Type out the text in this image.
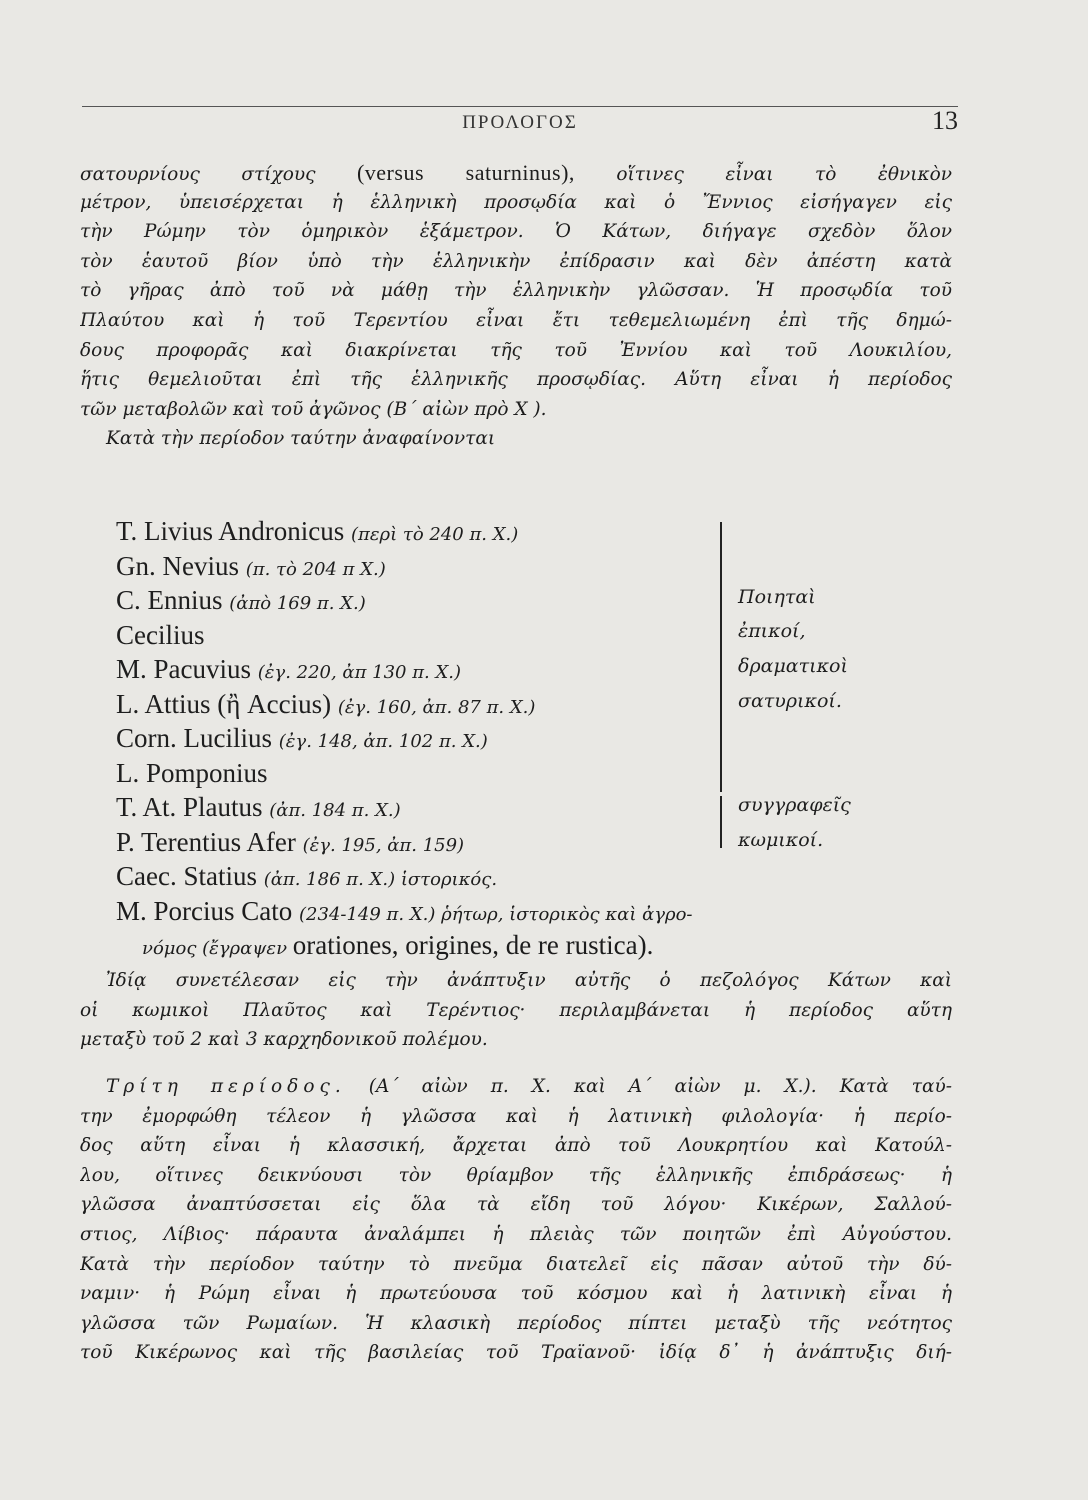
ΠΡΟΛΟΓΟΣ	13
σατουρνίους στίχους (versus saturninus), οἵτινες εἶναι τὸ ἐθνικὸν
μέτρον, ὑπεισέρχεται ἡ ἑλληνικὴ προσῳδία καὶ ὁ Ἔννιος εἰσήγαγεν εἰς
τὴν Ρώμην τὸν ὁμηρικὸν ἑξάμετρον. Ὁ Κάτων, διήγαγε σχεδὸν ὅλον
τὸν ἑαυτοῦ βίον ὑπὸ τὴν ἑλληνικὴν ἐπίδρασιν καὶ δὲν ἀπέστη κατὰ
τὸ γῆρας ἀπὸ τοῦ νὰ μάθῃ τὴν ἑλληνικὴν γλῶσσαν. Ἡ προσῳδία τοῦ
Πλαύτου καὶ ἡ τοῦ Τερεντίου εἶναι ἔτι τεθεμελιωμένη ἐπὶ τῆς δημώ-
δους προφορᾶς καὶ διακρίνεται τῆς τοῦ Ἐννίου καὶ τοῦ Λουκιλίου,
ἥτις θεμελιοῦται ἐπὶ τῆς ἑλληνικῆς προσῳδίας. Αὕτη εἶναι ἡ περίοδος
τῶν μεταβολῶν καὶ τοῦ ἀγῶνος (Β΄ αἰὼν πρὸ Χ ).
Κατὰ τὴν περίοδον ταύτην ἀναφαίνονται
T. Livius Andronicus (περὶ τὸ 240 π. Χ.)
Gn. Nevius (π. τὸ 204 π Χ.)
C. Ennius (ἀπὸ 169 π. Χ.)
Cecilius
M. Pacuvius (ἐγ. 220, ἀπ 130 π. Χ.)
L. Attius (ἢ Accius) (ἐγ. 160, ἀπ. 87 π. Χ.)
Corn. Lucilius (ἐγ. 148, ἀπ. 102 π. Χ.)
L. Pomponius
T. At. Plautus (ἀπ. 184 π. Χ.)
P. Terentius Afer (ἐγ. 195, ἀπ. 159)
Caec. Statius (ἀπ. 186 π. Χ.) ἱστορικός.
Ποιηταὶ
ἐπικοί,
δραματικοὶ
σατυρικοί.
συγγραφεῖς
κωμικοί.
M. Porcius Cato (234-149 π. Χ.) ῥήτωρ, ἱστορικὸς καὶ ἀγρο-
νόμος (ἔγραψεν orationes, origines, de re rustica).
Ἰδίᾳ συνετέλεσαν εἰς τὴν ἀνάπτυξιν αὐτῆς ὁ πεζολόγος Κάτων καὶ
οἱ κωμικοὶ Πλαῦτος καὶ Τερέντιος· περιλαμβάνεται ἡ περίοδος αὕτη
μεταξὺ τοῦ 2 καὶ 3 καρχηδονικοῦ πολέμου.
Τρίτη περίοδος. (Α΄ αἰὼν π. Χ. καὶ Α΄ αἰὼν μ. Χ.). Κατὰ ταύ-
την ἐμορφώθη τέλεον ἡ γλῶσσα καὶ ἡ λατινικὴ φιλολογία· ἡ περίο-
δος αὕτη εἶναι ἡ κλασσική, ἄρχεται ἀπὸ τοῦ Λουκρητίου καὶ Κατούλ-
λου, οἵτινες δεικνύουσι τὸν θρίαμβον τῆς ἑλληνικῆς ἐπιδράσεως· ἡ
γλῶσσα ἀναπτύσσεται εἰς ὅλα τὰ εἴδη τοῦ λόγου· Κικέρων, Σαλλού-
στιος, Λίβιος· πάραυτα ἀναλάμπει ἡ πλειὰς τῶν ποιητῶν ἐπὶ Αὐγούστου.
Κατὰ τὴν περίοδον ταύτην τὸ πνεῦμα διατελεῖ εἰς πᾶσαν αὐτοῦ τὴν δύ-
ναμιν· ἡ Ρώμη εἶναι ἡ πρωτεύουσα τοῦ κόσμου καὶ ἡ λατινικὴ εἶναι ἡ
γλῶσσα τῶν Ρωμαίων. Ἡ κλασικὴ περίοδος πίπτει μεταξὺ τῆς νεότητος
τοῦ Κικέρωνος καὶ τῆς βασιλείας τοῦ Τραϊανοῦ· ἰδίᾳ δ᾽ ἡ ἀνάπτυξις διή-
